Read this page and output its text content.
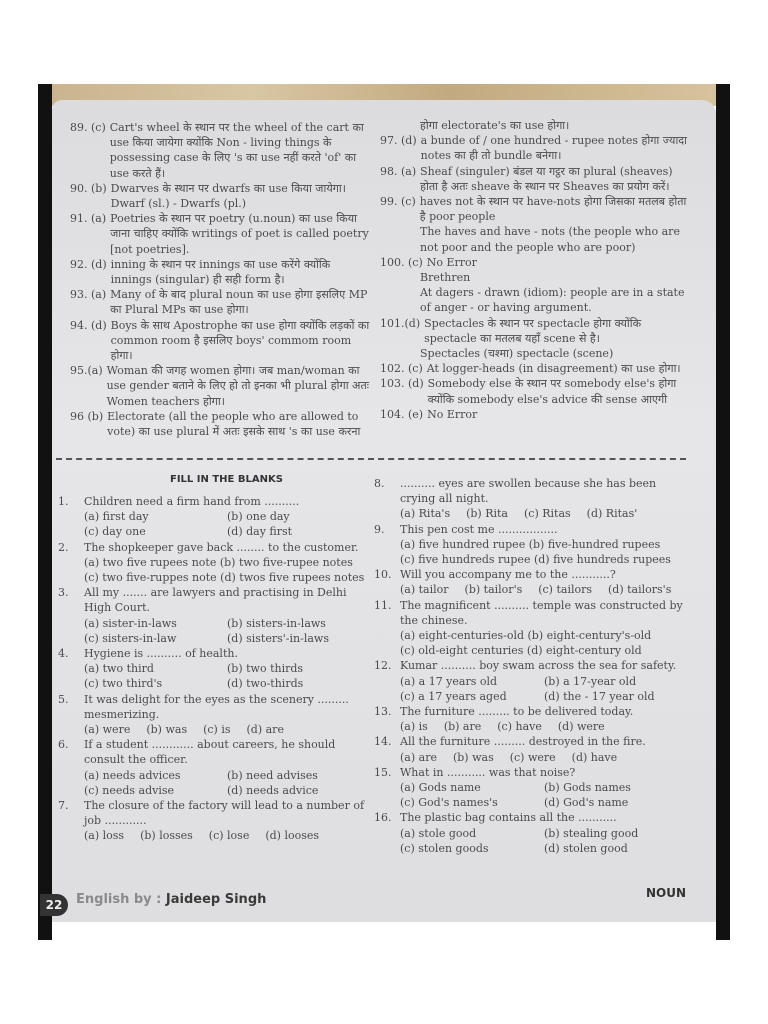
89. (c) Cart's wheel के स्थान पर the wheel of the cart का use किया जायेगा क्योंकि Non - living things के possessing case के लिए 's का use नहीं करते 'of' का use करते हैं।
90. (b) Dwarves के स्थान पर dwarfs का use किया जायेगा। Dwarf (sl.) - Dwarfs (pl.)
91. (a) Poetries के स्थान पर poetry (u.noun) का use किया जाना चाहिए क्योंकि writings of poet is called poetry [not poetries].
92. (d) inning के स्थान पर innings का use करेंगे क्योंकि innings (singular) ही सही form है।
93. (a) Many of के बाद plural noun का use होगा इसलिए MP का Plural MPs का use होगा।
94. (d) Boys के साथ Apostrophe का use होगा क्योंकि लड़कों का common room है इसलिए boys' commom room होगा।
95.(a) Woman की जगह women होगा। जब man/woman का use gender बताने के लिए हो तो इनका भी plural होगा अतः Women teachers होगा।
96 (b) Electorate (all the people who are allowed to vote) का use plural में अतः इसके साथ 's का use करना
होगा electorate's का use होगा।
97. (d) a bunde of / one hundred - rupee notes होगा ज्यादा notes का ही तो bundle बनेगा।
98. (a) Sheaf (singuler) बंडल या गट्ठर का plural (sheaves) होता है अतः sheave के स्थान पर Sheaves का प्रयोग करें।
99. (c) haves not के स्थान पर have-nots होगा जिसका मतलब होता है poor people
The haves and have - nots (the people who are not poor and the people who are poor)
100. (c) No Error
Brethren
At dagers - drawn (idiom): people are in a state of anger - or having argument.
101.(d) Spectacles के स्थान पर spectacle होगा क्योंकि spectacle का मतलब यहाँ scene से है।
Spectacles (चश्मा) spectacle (scene)
102. (c) At logger-heads (in disagreement) का use होगा।
103. (d) Somebody else के स्थान पर somebody else's होगा क्योंकि somebody else's advice की sense आएगी
104. (e) No Error
FILL IN THE BLANKS
1.	Children need a firm hand from ..........
(a) first day	(b) one day
(c) day one	(d) day first
2.	The shopkeeper gave back ........ to the customer.
(a) two five rupees note (b) two five-rupee notes
(c) two five-ruppes note (d) twos five rupees notes
3.	All my ....... are lawyers and practising in Delhi High Court.
(a) sister-in-laws	(b) sisters-in-laws
(c) sisters-in-law	(d) sisters'-in-laws
4.	Hygiene is .......... of health.
(a) two third	(b) two thirds
(c) two third's	(d) two-thirds
5.	It was delight for the eyes as the scenery ......... mesmerizing.
(a) were (b) was (c) is (d) are
6.	If a student ............ about careers, he should consult the officer.
(a) needs advices	(b) need advises
(c) needs advise	(d) needs advice
7.	The closure of the factory will lead to a number of job ............
(a) loss (b) losses (c) lose (d) looses
8.	.......... eyes are swollen because she has been crying all night.
(a) Rita's (b) Rita (c) Ritas (d) Ritas'
9.	This pen cost me .................
(a) five hundred rupee (b) five-hundred rupees
(c) five hundreds rupee (d) five hundreds rupees
10. Will you accompany me to the ...........?
(a) tailor (b) tailor's (c) tailors (d) tailors's
11. The magnificent .......... temple was constructed by the chinese.
(a) eight-centuries-old (b) eight-century's-old
(c) old-eight centuries (d) eight-century old
12. Kumar .......... boy swam across the sea for safety.
(a) a 17 years old	(b) a 17-year old
(c) a 17 years aged	(d) the - 17 year old
13. The furniture ......... to be delivered today.
(a) is (b) are (c) have (d) were
14. All the furniture ......... destroyed in the fire.
(a) are (b) was (c) were (d) have
15. What in ........... was that noise?
(a) Gods name	(b) Gods names
(c) God's names's	(d) God's name
16. The plastic bag contains all the ...........
(a) stole good	(b) stealing good
(c) stolen goods	(d) stolen good
22	English by : Jaideep Singh	NOUN
